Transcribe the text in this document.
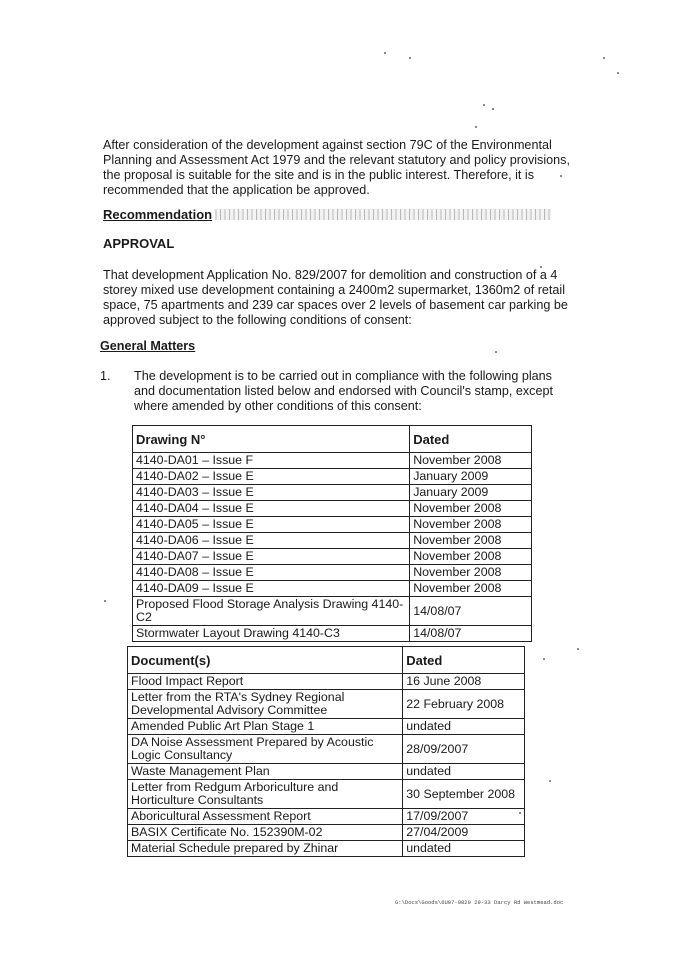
After consideration of the development against section 79C of the Environmental Planning and Assessment Act 1979 and the relevant statutory and policy provisions, the proposal is suitable for the site and is in the public interest. Therefore, it is recommended that the application be approved.
Recommendation
APPROVAL
That development Application No. 829/2007 for demolition and construction of a 4 storey mixed use development containing a 2400m2 supermarket, 1360m2 of retail space, 75 apartments and 239 car spaces over 2 levels of basement car parking be approved subject to the following conditions of consent:
General Matters
1. The development is to be carried out in compliance with the following plans and documentation listed below and endorsed with Council's stamp, except where amended by other conditions of this consent:
Drawing N°	Dated
4140-DA01 – Issue F	November 2008
4140-DA02 – Issue E	January 2009
4140-DA03 – Issue E	January 2009
4140-DA04 – Issue E	November 2008
4140-DA05 – Issue E	November 2008
4140-DA06 – Issue E	November 2008
4140-DA07 – Issue E	November 2008
4140-DA08 – Issue E	November 2008
4140-DA09 – Issue E	November 2008
Proposed Flood Storage Analysis Drawing 4140-C2	14/08/07
Stormwater Layout Drawing 4140-C3	14/08/07
Document(s)	Dated
Flood Impact Report	16 June 2008
Letter from the RTA's Sydney Regional Developmental Advisory Committee	22 February 2008
Amended Public Art Plan Stage 1	undated
DA Noise Assessment Prepared by Acoustic Logic Consultancy	28/09/2007
Waste Management Plan	undated
Letter from Redgum Arboriculture and Horticulture Consultants	30 September 2008
Aboricultural Assessment Report	17/09/2007
BASIX Certificate No. 152390M-02	27/04/2009
Material Schedule prepared by Zhinar	undated
G:\Docs\Goods\6U07-0829 29-33 Darcy Rd Westmead.doc
